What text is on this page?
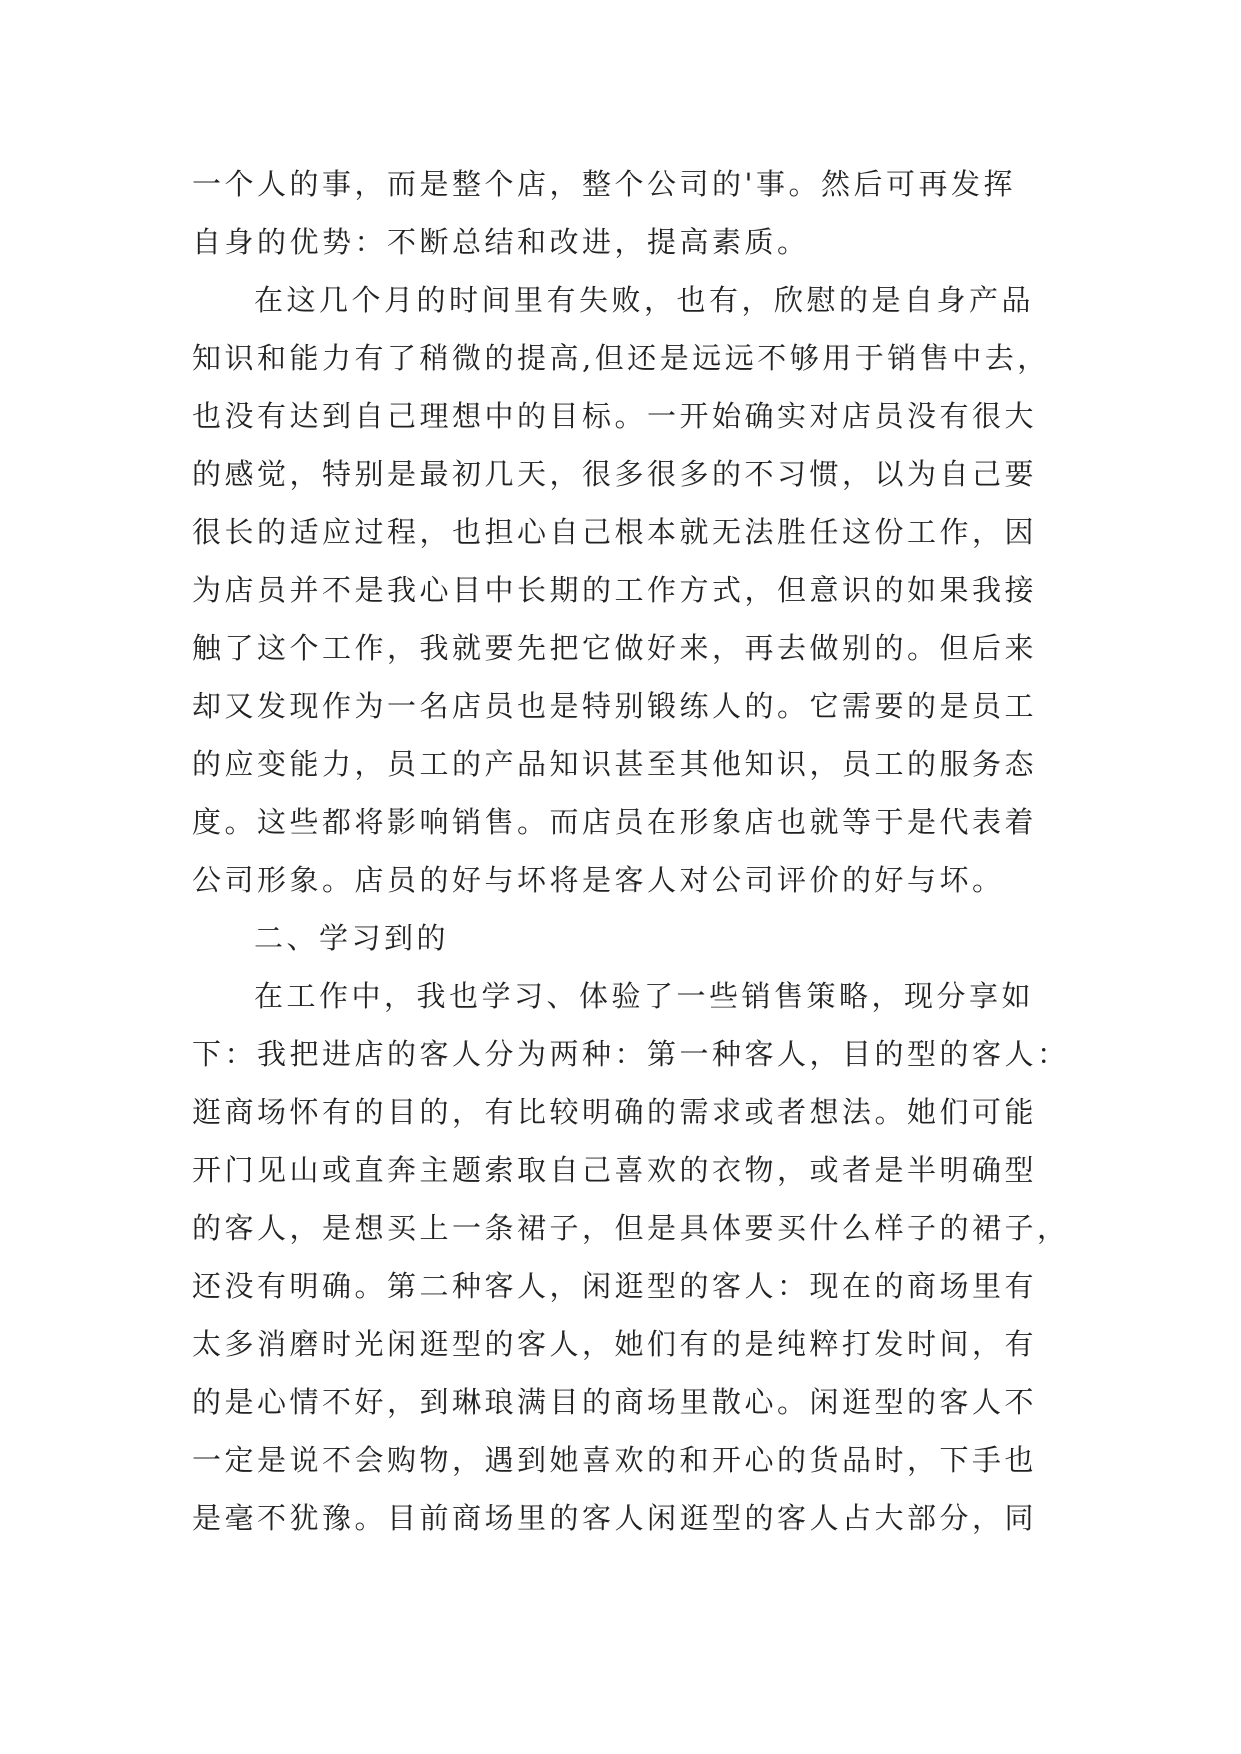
一个人的事，而是整个店，整个公司的'事。然后可再发挥
自身的优势：不断总结和改进，提高素质。
在这几个月的时间里有失败，也有，欣慰的是自身产品
知识和能力有了稍微的提高,但还是远远不够用于销售中去，
也没有达到自己理想中的目标。一开始确实对店员没有很大
的感觉，特别是最初几天，很多很多的不习惯，以为自己要
很长的适应过程，也担心自己根本就无法胜任这份工作，因
为店员并不是我心目中长期的工作方式，但意识的如果我接
触了这个工作，我就要先把它做好来，再去做别的。但后来
却又发现作为一名店员也是特别锻练人的。它需要的是员工
的应变能力，员工的产品知识甚至其他知识，员工的服务态
度。这些都将影响销售。而店员在形象店也就等于是代表着
公司形象。店员的好与坏将是客人对公司评价的好与坏。
二、学习到的
在工作中，我也学习、体验了一些销售策略，现分享如
下：我把进店的客人分为两种：第一种客人，目的型的客人：
逛商场怀有的目的，有比较明确的需求或者想法。她们可能
开门见山或直奔主题索取自己喜欢的衣物，或者是半明确型
的客人，是想买上一条裙子，但是具体要买什么样子的裙子，
还没有明确。第二种客人，闲逛型的客人：现在的商场里有
太多消磨时光闲逛型的客人，她们有的是纯粹打发时间，有
的是心情不好，到琳琅满目的商场里散心。闲逛型的客人不
一定是说不会购物，遇到她喜欢的和开心的货品时，下手也
是毫不犹豫。目前商场里的客人闲逛型的客人占大部分，同
